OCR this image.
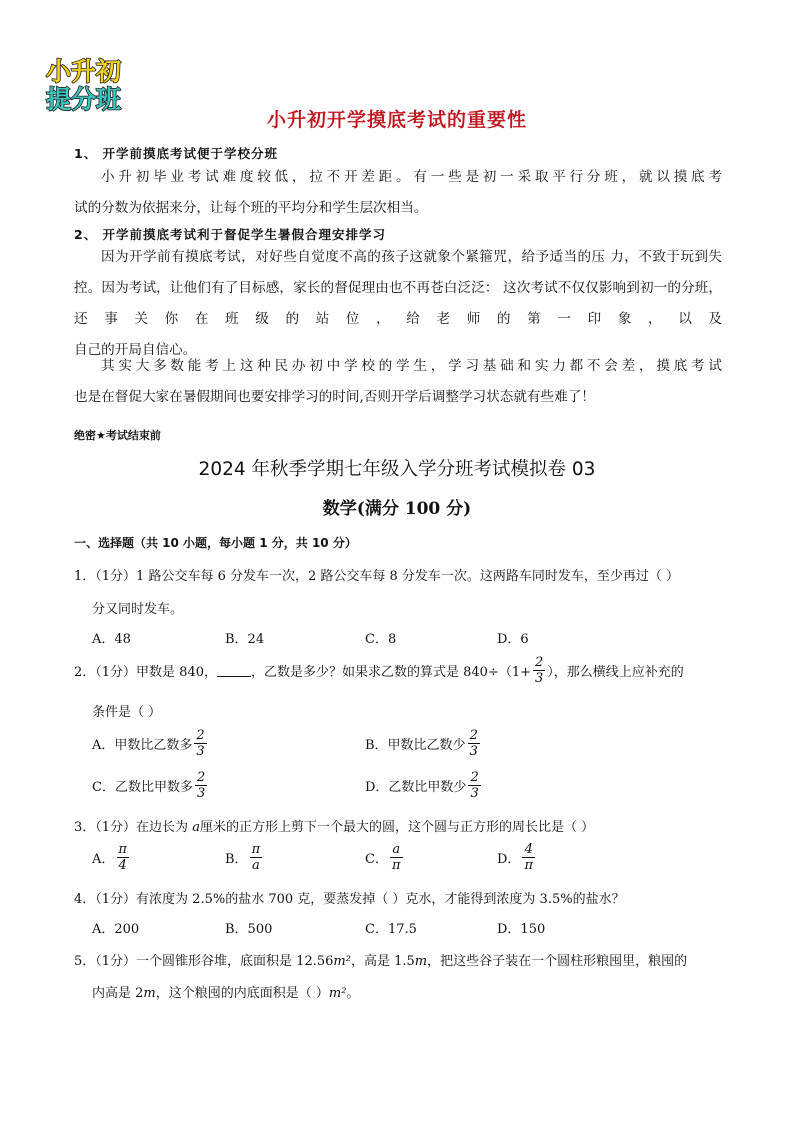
小升初
提分班
小升初开学摸底考试的重要性
1、 开学前摸底考试便于学校分班
小升初毕业考试难度较低，拉不开差距。有一些是初一采取平行分班，就以摸底考
试的分数为依据来分，让每个班的平均分和学生层次相当。
2、 开学前摸底考试利于督促学生暑假合理安排学习
因为开学前有摸底考试，对好些自觉度不高的孩子这就象个紧箍咒，给予适当的压 力，不致于玩到失控。因为考试，让他们有了目标感，家长的督促理由也不再苍白泛泛： 这次考试不仅仅影响到初一的分班，还事关你在班级的站位，给老师的第一印象，以及
自己的开局自信心。
其实大多数能考上这种民办初中学校的学生，学习基础和实力都不会差，摸底考试
也是在督促大家在暑假期间也要安排学习的时间,否则开学后调整学习状态就有些难了！
绝密★考试结束前
2024 年秋季学期七年级入学分班考试模拟卷 03
数学(满分 100 分)
一、选择题（共 10 小题，每小题 1 分，共 10 分）
1．（1分）1 路公交车每 6 分发车一次，2 路公交车每 8 分发车一次。这两路车同时发车，至少再过（ ）
分又同时发车。
A．48	B．24	C．8	D．6
2．（1分）甲数是 840，	，乙数是多少？如果求乙数的算式是 $840\div(1+ \frac{2}{3}$ ），那么横线上应补充的
条件是（ ）
A．甲数比乙数多 $\frac{2}{3}$	B．甲数比乙数少 $\frac{2}{3}$
C．乙数比甲数多 $\frac{2}{3}$	D．乙数比甲数少 $\frac{2}{3}$
3．（1分）在边长为 a厘米的正方形上剪下一个最大的圆，这个圆与正方形的周长比是（ ）
A． $\frac{\pi}{4}$	B． $\frac{\pi}{a}$	C． $\frac{a}{\pi}$	D． $\frac{4}{\pi}$
4．（1分）有浓度为 2.5%的盐水 700 克，要蒸发掉（ ）克水，才能得到浓度为 3.5%的盐水？
A．200	B．500	C．17.5	D．150
5．（1分）一个圆锥形谷堆，底面积是 12.56m²，高是 1.5m，把这些谷子装在一个圆柱形粮囤里，粮囤的
内高是 2m，这个粮囤的内底面积是（ ）m²。
